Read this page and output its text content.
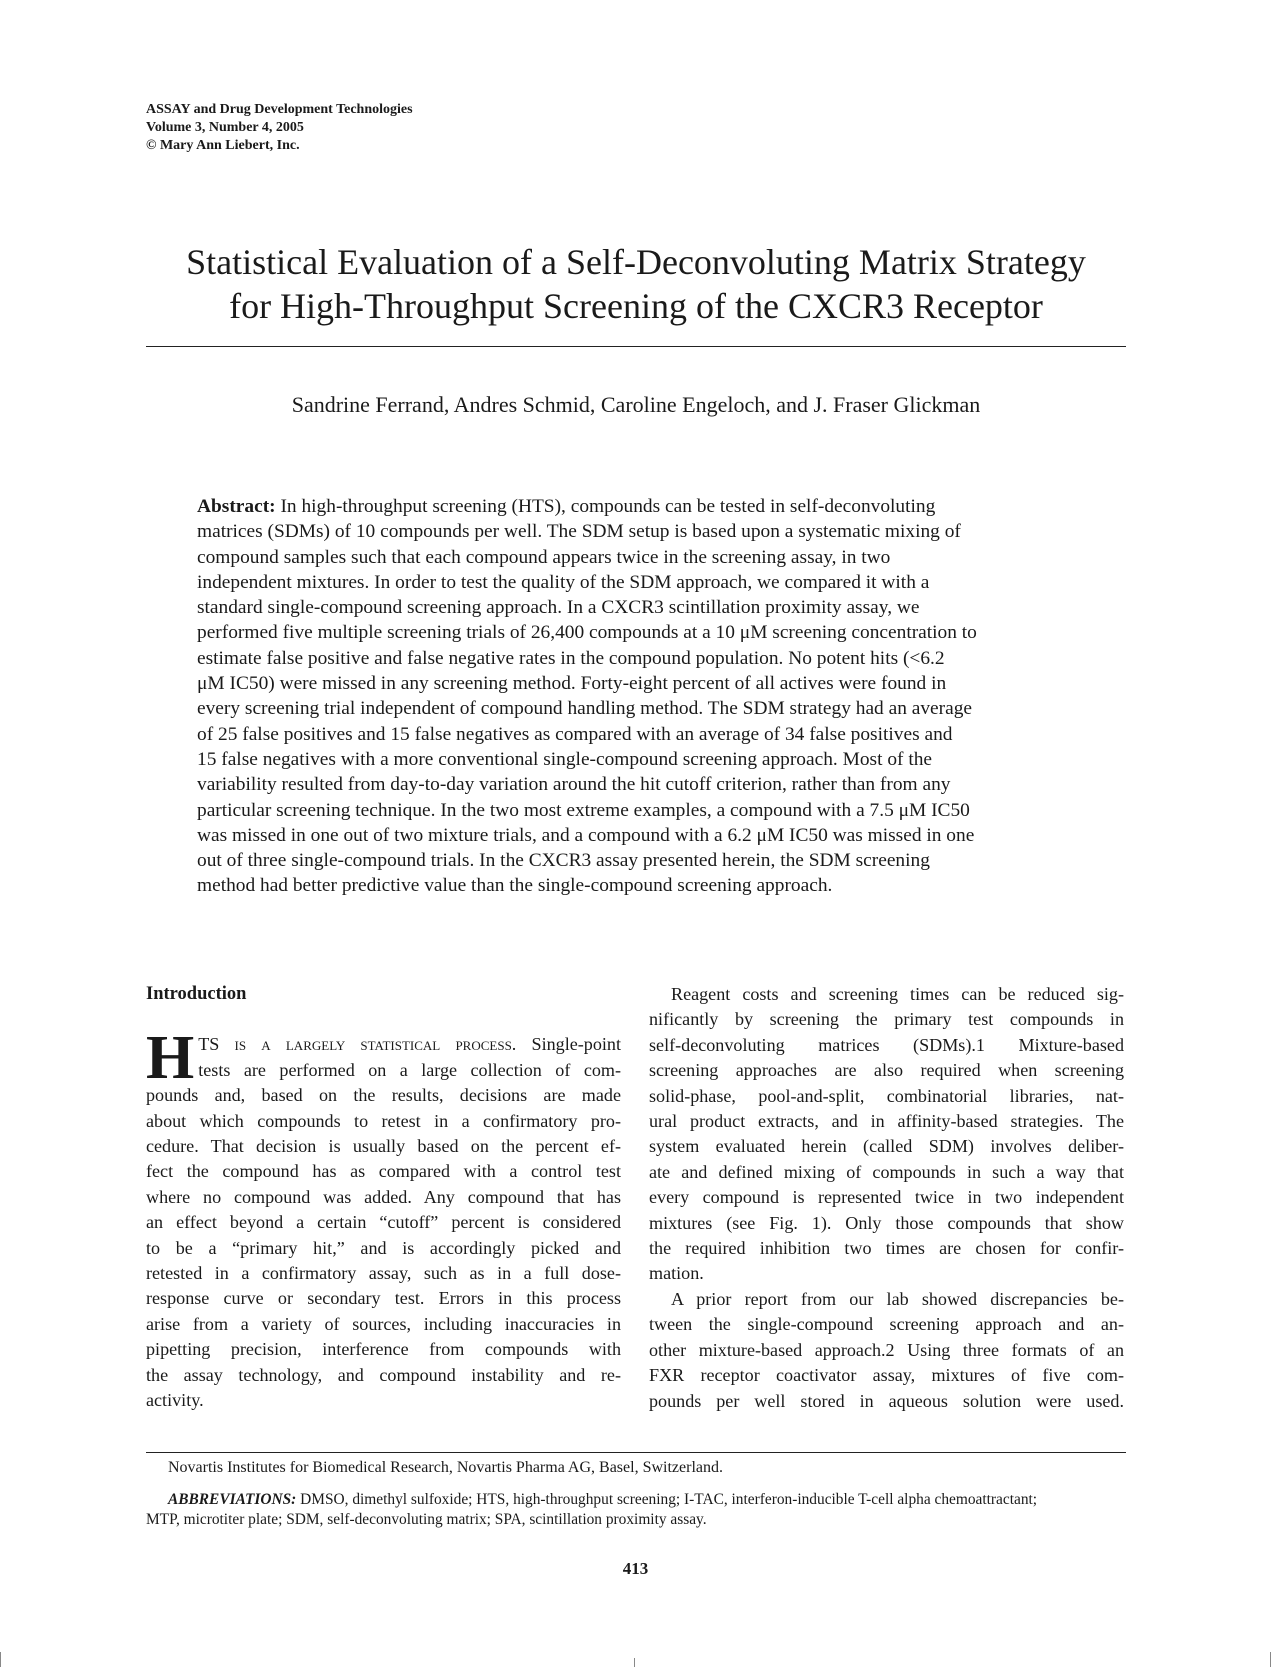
ASSAY and Drug Development Technologies
Volume 3, Number 4, 2005
© Mary Ann Liebert, Inc.
Statistical Evaluation of a Self-Deconvoluting Matrix Strategy
for High-Throughput Screening of the CXCR3 Receptor
Sandrine Ferrand, Andres Schmid, Caroline Engeloch, and J. Fraser Glickman
Abstract: In high-throughput screening (HTS), compounds can be tested in self-deconvoluting
matrices (SDMs) of 10 compounds per well. The SDM setup is based upon a systematic mixing of
compound samples such that each compound appears twice in the screening assay, in two
independent mixtures. In order to test the quality of the SDM approach, we compared it with a
standard single-compound screening approach. In a CXCR3 scintillation proximity assay, we
performed five multiple screening trials of 26,400 compounds at a 10 μM screening concentration to
estimate false positive and false negative rates in the compound population. No potent hits (<6.2
μM IC50) were missed in any screening method. Forty-eight percent of all actives were found in
every screening trial independent of compound handling method. The SDM strategy had an average
of 25 false positives and 15 false negatives as compared with an average of 34 false positives and
15 false negatives with a more conventional single-compound screening approach. Most of the
variability resulted from day-to-day variation around the hit cutoff criterion, rather than from any
particular screening technique. In the two most extreme examples, a compound with a 7.5 μM IC50
was missed in one out of two mixture trials, and a compound with a 6.2 μM IC50 was missed in one
out of three single-compound trials. In the CXCR3 assay presented herein, the SDM screening
method had better predictive value than the single-compound screening approach.
Introduction
H TS is a largely statistical process. Single-point
tests are performed on a large collection of com-
pounds and, based on the results, decisions are made
about which compounds to retest in a confirmatory pro-
cedure. That decision is usually based on the percent ef-
fect the compound has as compared with a control test
where no compound was added. Any compound that has
an effect beyond a certain “cutoff” percent is considered
to be a “primary hit,” and is accordingly picked and
retested in a confirmatory assay, such as in a full dose-
response curve or secondary test. Errors in this process
arise from a variety of sources, including inaccuracies in
pipetting precision, interference from compounds with
the assay technology, and compound instability and re-
activity.
Reagent costs and screening times can be reduced sig-
nificantly by screening the primary test compounds in
self-deconvoluting matrices (SDMs).1 Mixture-based
screening approaches are also required when screening
solid-phase, pool-and-split, combinatorial libraries, nat-
ural product extracts, and in affinity-based strategies. The
system evaluated herein (called SDM) involves deliber-
ate and defined mixing of compounds in such a way that
every compound is represented twice in two independent
mixtures (see Fig. 1). Only those compounds that show
the required inhibition two times are chosen for confir-
mation.
A prior report from our lab showed discrepancies be-
tween the single-compound screening approach and an-
other mixture-based approach.2 Using three formats of an
FXR receptor coactivator assay, mixtures of five com-
pounds per well stored in aqueous solution were used.
Novartis Institutes for Biomedical Research, Novartis Pharma AG, Basel, Switzerland.
ABBREVIATIONS: DMSO, dimethyl sulfoxide; HTS, high-throughput screening; I-TAC, interferon-inducible T-cell alpha chemoattractant;
MTP, microtiter plate; SDM, self-deconvoluting matrix; SPA, scintillation proximity assay.
413
